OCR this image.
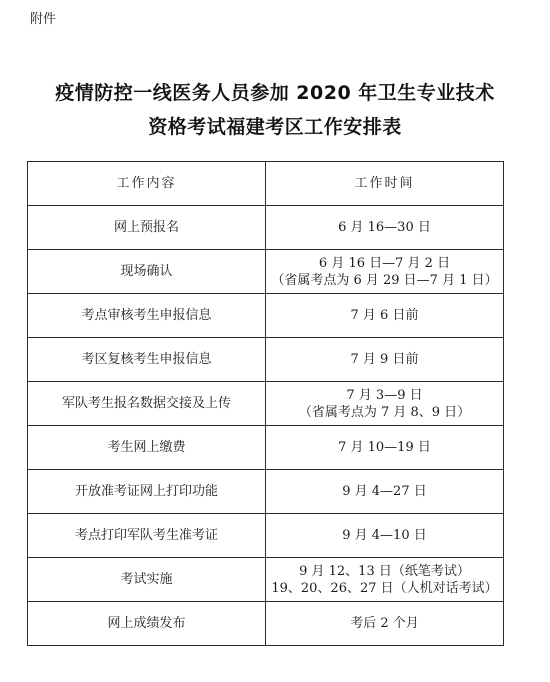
附件
疫情防控一线医务人员参加 2020 年卫生专业技术
资格考试福建考区工作安排表
工作内容	工作时间
网上预报名	6 月 16—30 日

现场确认	6 月 16 日—7 月 2 日
（省属考点为 6 月 29 日—7 月 1 日）

考点审核考生申报信息	7 月 6 日前

考区复核考生申报信息	7 月 9 日前

军队考生报名数据交接及上传	7 月 3—9 日
（省属考点为 7 月 8、9 日）

考生网上缴费	7 月 10—19 日

开放准考证网上打印功能	9 月 4—27 日

考点打印军队考生准考证	9 月 4—10 日

考试实施	9 月 12、13 日（纸笔考试）
19、20、26、27 日（人机对话考试）

网上成绩发布	考后 2 个月
